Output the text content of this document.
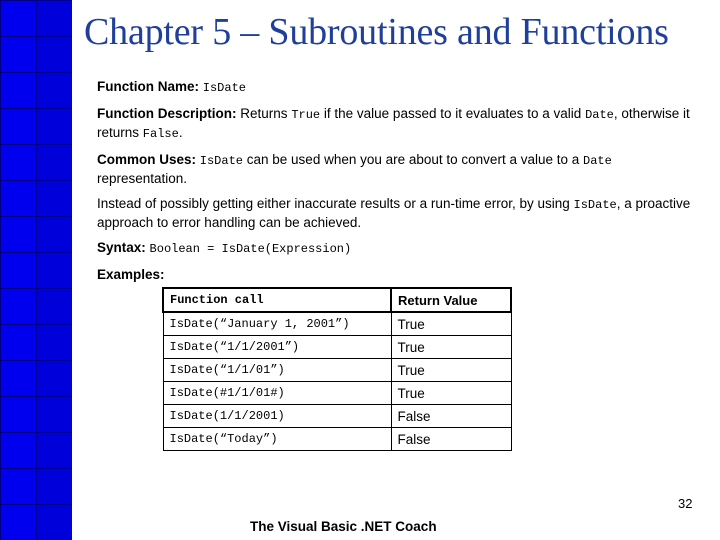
Chapter 5 – Subroutines and Functions

Function Name: IsDate

Function Description: Returns True if the value passed to it evaluates to a valid Date, otherwise it returns False.

Common Uses: IsDate can be used when you are about to convert a value to a Date representation.

Instead of possibly getting either inaccurate results or a run-time error, by using IsDate, a proactive approach to error handling can be achieved.

Syntax: Boolean = IsDate(Expression)

Examples:

Function call	Return Value
IsDate(“January 1, 2001”)	True
IsDate(“1/1/2001”)	True
IsDate(“1/1/01”)	True
IsDate(#1/1/01#)	True
IsDate(1/1/2001)	False
IsDate(“Today”)	False
32
The Visual Basic .NET Coach
